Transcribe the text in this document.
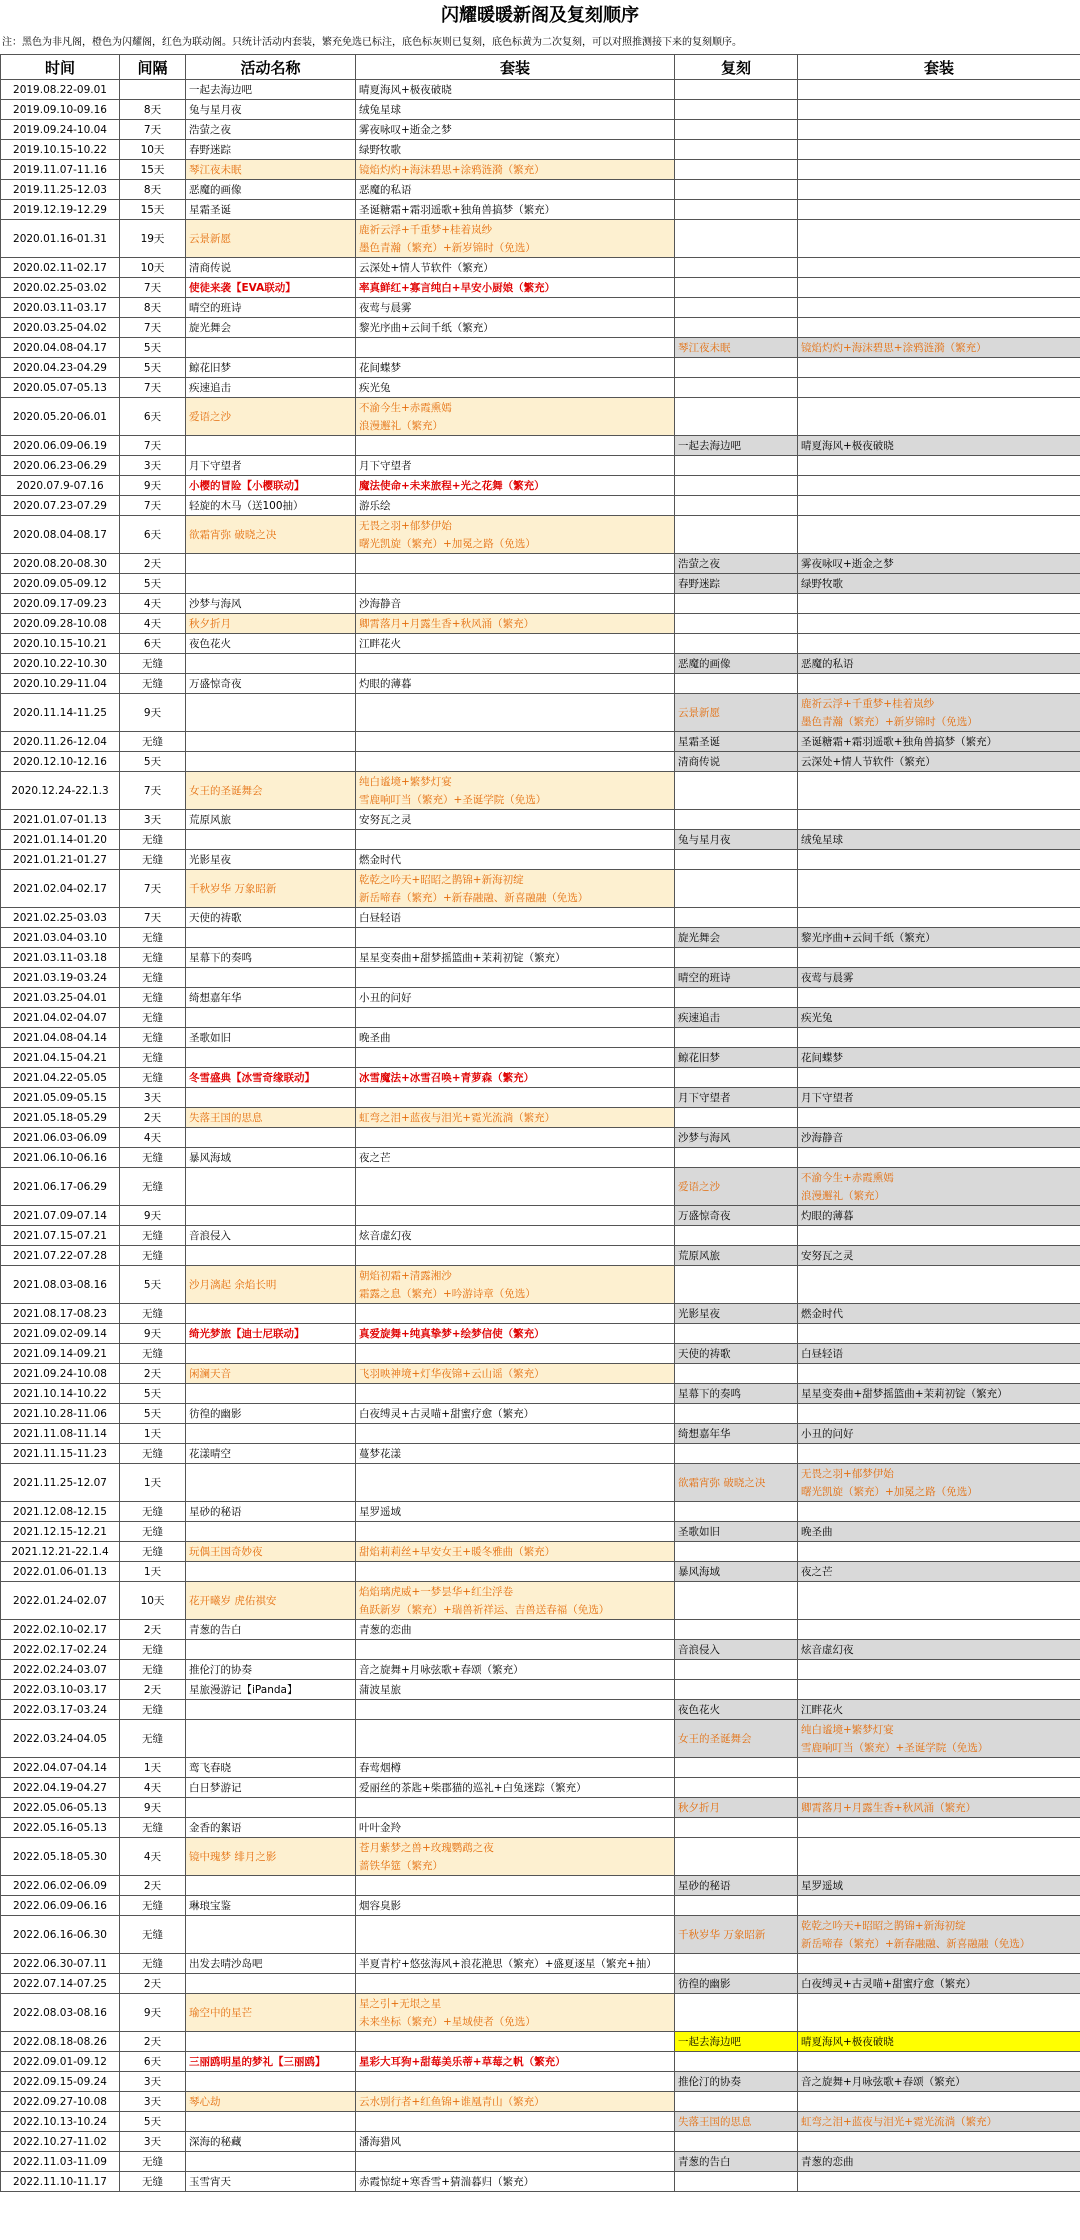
闪耀暖暖新阁及复刻顺序
注：黑色为非凡阁，橙色为闪耀阁，红色为联动阁。只统计活动内套装，繁充免选已标注，底色标灰则已复刻，底色标黄为二次复刻，可以对照推测接下来的复刻顺序。
时间	间隔	活动名称	套装	复刻	套装
2019.08.22-09.01		一起去海边吧	晴夏海风+极夜破晓		
2019.09.10-09.16	8天	兔与星月夜	绒兔星球		
2019.09.24-10.04	7天	浩萤之夜	雾夜咏叹+逝金之梦		
2019.10.15-10.22	10天	春野迷踪	绿野牧歌		
2019.11.07-11.16	15天	琴江夜未眠	镜焰灼灼+海沫碧思+涂鸦涟漪（繁充）		
2019.11.25-12.03	8天	恶魔的画像	恶魔的私语		
2019.12.19-12.29	15天	星霜圣诞	圣诞糖霜+霜羽遥歌+独角兽搞梦（繁充）		
2020.01.16-01.31	19天	云景新愿	鹿祈云浮+千重梦+桂着岚纱
墨色青瀚（繁充）+新岁锦时（免选）		

2020.02.11-02.17	10天	清商传说	云深处+情人节软件（繁充）		
2020.02.25-03.02	7天	使徒来袭【EVA联动】	率真鲜红+寡言纯白+早安小厨娘（繁充）		
2020.03.11-03.17	8天	晴空的班诗	夜莺与晨雾		
2020.03.25-04.02	7天	旋光舞会	黎光序曲+云间千纸（繁充）		
2020.04.08-04.17	5天			琴江夜未眠	镜焰灼灼+海沫碧思+涂鸦涟漪（繁充）
2020.04.23-04.29	5天	鲸花旧梦	花间蝶梦		
2020.05.07-05.13	7天	疾速追击	疾光兔		
2020.05.20-06.01	6天	爱语之沙	不渝今生+赤霞熏嫣
浪漫邂礼（繁充）		

2020.06.09-06.19	7天			一起去海边吧	晴夏海风+极夜破晓
2020.06.23-06.29	3天	月下守望者	月下守望者		
2020.07.9-07.16	9天	小樱的冒险【小樱联动】	魔法使命+未来旅程+光之花舞（繁充）		
2020.07.23-07.29	7天	轻旋的木马（送100抽）	游乐绘		
2020.08.04-08.17	6天	欲霜宵弥 破晓之决	无畏之羽+郁梦伊始
曙光凯旋（繁充）+加冕之路（免选）		

2020.08.20-08.30	2天			浩萤之夜	雾夜咏叹+逝金之梦
2020.09.05-09.12	5天			春野迷踪	绿野牧歌
2020.09.17-09.23	4天	沙梦与海风	沙海静音		
2020.09.28-10.08	4天	秋夕折月	卿霄落月+月露生香+秋风涌（繁充）		
2020.10.15-10.21	6天	夜色花火	江畔花火		
2020.10.22-10.30	无缝			恶魔的画像	恶魔的私语
2020.10.29-11.04	无缝	万盛惊奇夜	灼眼的薄暮		
2020.11.14-11.25	9天			云景新愿	鹿祈云浮+千重梦+桂着岚纱
墨色青瀚（繁充）+新岁锦时（免选）

2020.11.26-12.04	无缝			星霜圣诞	圣诞糖霜+霜羽遥歌+独角兽搞梦（繁充）
2020.12.10-12.16	5天			清商传说	云深处+情人节软件（繁充）
2020.12.24-22.1.3	7天	女王的圣诞舞会	纯白谧境+繁梦灯宴
雪鹿响叮当（繁充）+圣诞学院（免选）		

2021.01.07-01.13	3天	荒原风旅	安努瓦之灵		
2021.01.14-01.20	无缝			兔与星月夜	绒兔星球
2021.01.21-01.27	无缝	光影星夜	燃金时代		
2021.02.04-02.17	7天	千秋岁华 万象昭新	乾乾之吟天+昭昭之鹊锦+新海初绽
新岳啼春（繁充）+新春融融、新喜融融（免选）		

2021.02.25-03.03	7天	天使的祷歌	白昼轻语		
2021.03.04-03.10	无缝			旋光舞会	黎光序曲+云间千纸（繁充）
2021.03.11-03.18	无缝	星幕下的奏鸣	星星变奏曲+甜梦摇篮曲+茉莉初锭（繁充）		
2021.03.19-03.24	无缝			晴空的班诗	夜莺与晨雾
2021.03.25-04.01	无缝	绮想嘉年华	小丑的问好		
2021.04.02-04.07	无缝			疾速追击	疾光兔
2021.04.08-04.14	无缝	圣歌如旧	晚圣曲		
2021.04.15-04.21	无缝			鲸花旧梦	花间蝶梦
2021.04.22-05.05	无缝	冬雪盛典【冰雪奇缘联动】	冰雪魔法+冰雪召唤+青萝森（繁充）		
2021.05.09-05.15	3天			月下守望者	月下守望者
2021.05.18-05.29	2天	失落王国的思息	虹弯之泪+蓝夜与泪光+霓光流淌（繁充）		
2021.06.03-06.09	4天			沙梦与海风	沙海静音
2021.06.10-06.16	无缝	暴风海域	夜之芒		
2021.06.17-06.29	无缝			爱语之沙	不渝今生+赤霞熏嫣
浪漫邂礼（繁充）

2021.07.09-07.14	9天			万盛惊奇夜	灼眼的薄暮
2021.07.15-07.21	无缝	音浪侵入	炫音虚幻夜		
2021.07.22-07.28	无缝			荒原风旅	安努瓦之灵
2021.08.03-08.16	5天	沙月漓起 余焰长明	朝焰初霜+清露湘沙
霜露之息（繁充）+吟游诗章（免选）		

2021.08.17-08.23	无缝			光影星夜	燃金时代
2021.09.02-09.14	9天	绮光梦旅【迪士尼联动】	真爱旋舞+纯真挚梦+绘梦信使（繁充）		
2021.09.14-09.21	无缝			天使的祷歌	白昼轻语
2021.09.24-10.08	2天	闲澜天音	飞羽映神境+灯华夜锦+云山谣（繁充）		
2021.10.14-10.22	5天			星幕下的奏鸣	星星变奏曲+甜梦摇篮曲+茉莉初锭（繁充）
2021.10.28-11.06	5天	彷徨的幽影	白夜缚灵+古灵喵+甜蜜疗愈（繁充）		
2021.11.08-11.14	1天			绮想嘉年华	小丑的问好
2021.11.15-11.23	无缝	花漾晴空	蔓梦花漾		
2021.11.25-12.07	1天			欲霜宵弥 破晓之决	无畏之羽+郁梦伊始
曙光凯旋（繁充）+加冕之路（免选）

2021.12.08-12.15	无缝	星砂的秘语	星罗遥域		
2021.12.15-12.21	无缝			圣歌如旧	晚圣曲
2021.12.21-22.1.4	无缝	玩偶王国奇妙夜	甜焰莉莉丝+早安女王+暖冬雅曲（繁充）		
2022.01.06-01.13	1天			暴风海域	夜之芒
2022.01.24-02.07	10天	花开曦岁 虎佑祺安	焰焰璃虎威+一梦昙华+红尘浮卷
鱼跃新岁（繁充）+瑞兽祈祥运、吉兽送春福（免选）		

2022.02.10-02.17	2天	青葱的告白	青葱的恋曲		
2022.02.17-02.24	无缝			音浪侵入	炫音虚幻夜
2022.02.24-03.07	无缝	推伦汀的协奏	音之旋舞+月咏弦歌+春颂（繁充）		
2022.03.10-03.17	2天	星旅漫游记【iPanda】	蒲波星旅		
2022.03.17-03.24	无缝			夜色花火	江畔花火
2022.03.24-04.05	无缝			女王的圣诞舞会	纯白谧境+繁梦灯宴
雪鹿响叮当（繁充）+圣诞学院（免选）

2022.04.07-04.14	1天	鸾飞春晓	春莺烟樽		
2022.04.19-04.27	4天	白日梦游记	爱丽丝的茶匙+柴郡猫的巡礼+白兔迷踪（繁充）		
2022.05.06-05.13	9天			秋夕折月	卿霄落月+月露生香+秋风涌（繁充）
2022.05.16-05.13	无缝	金香的絮语	叶叶金羚		
2022.05.18-05.30	4天	镜中瑰梦 绯月之影	苍月紫梦之兽+玫瑰鹦鹉之夜
蔷铁华筵（繁充）		

2022.06.02-06.09	2天			星砂的秘语	星罗遥域
2022.06.09-06.16	无缝	琳琅宝鉴	烟容臭影		
2022.06.16-06.30	无缝			千秋岁华 万象昭新	乾乾之吟天+昭昭之鹊锦+新海初绽
新岳啼春（繁充）+新春融融、新喜融融（免选）

2022.06.30-07.11	无缝	出发去晴沙岛吧	半夏青柠+悠弦海风+浪花滟思（繁充）+盛夏逐星（繁充+抽）		
2022.07.14-07.25	2天			彷徨的幽影	白夜缚灵+古灵喵+甜蜜疗愈（繁充）
2022.08.03-08.16	9天	瑜空中的星芒	星之引+无垠之星
未来坐标（繁充）+星域使者（免选）		

2022.08.18-08.26	2天			一起去海边吧	晴夏海风+极夜破晓
2022.09.01-09.12	6天	三丽鸥明星的梦礼【三丽鸥】	星彩大耳狗+甜莓美乐蒂+草莓之帆（繁充）		
2022.09.15-09.24	3天			推伦汀的协奏	音之旋舞+月咏弦歌+春颂（繁充）
2022.09.27-10.08	3天	琴心劫	云水别行者+红鱼锦+谁凰青山（繁充）		
2022.10.13-10.24	5天			失落王国的思息	虹弯之泪+蓝夜与泪光+霓光流淌（繁充）
2022.10.27-11.02	3天	深海的秘藏	潘海猎风		
2022.11.03-11.09	无缝			青葱的告白	青葱的恋曲
2022.11.10-11.17	无缝	玉雪宵天	赤霞惊绽+寒香雪+猜湍暮归（繁充）		
